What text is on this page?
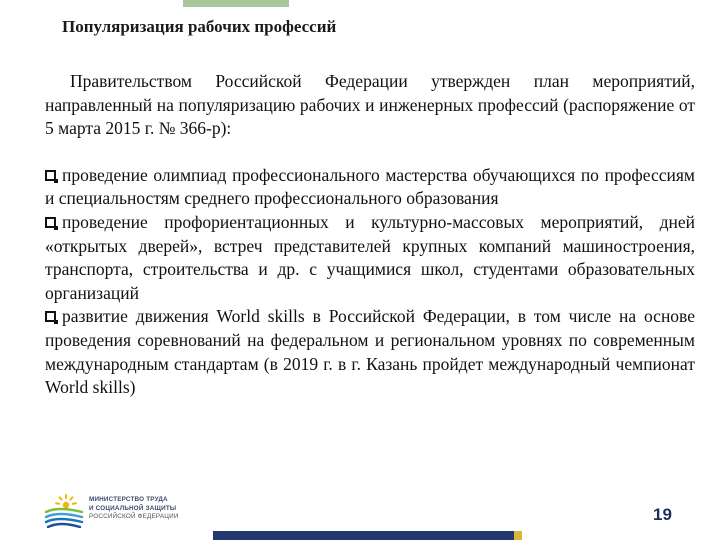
Популяризация рабочих профессий

Правительством Российской Федерации утвержден план мероприятий, направленный на популяризацию рабочих и инженерных профессий (распоряжение от 5 марта 2015 г. № 366-р):

проведение олимпиад профессионального мастерства обучающихся по профессиям и специальностям среднего профессионального образования

проведение профориентационных и культурно-массовых мероприятий, дней «открытых дверей», встреч представителей крупных компаний машиностроения, транспорта, строительства и др. с учащимися школ, студентами образовательных организаций

развитие движения World skills в Российской Федерации, в том числе на основе проведения соревнований на федеральном и региональном уровнях по современным международным стандартам (в 2019 г. в г. Казань пройдет международный чемпионат World skills)

МИНИСТЕРСТВО ТРУДА
И СОЦИАЛЬНОЙ ЗАЩИТЫ
РОССИЙСКОЙ ФЕДЕРАЦИИ	19
